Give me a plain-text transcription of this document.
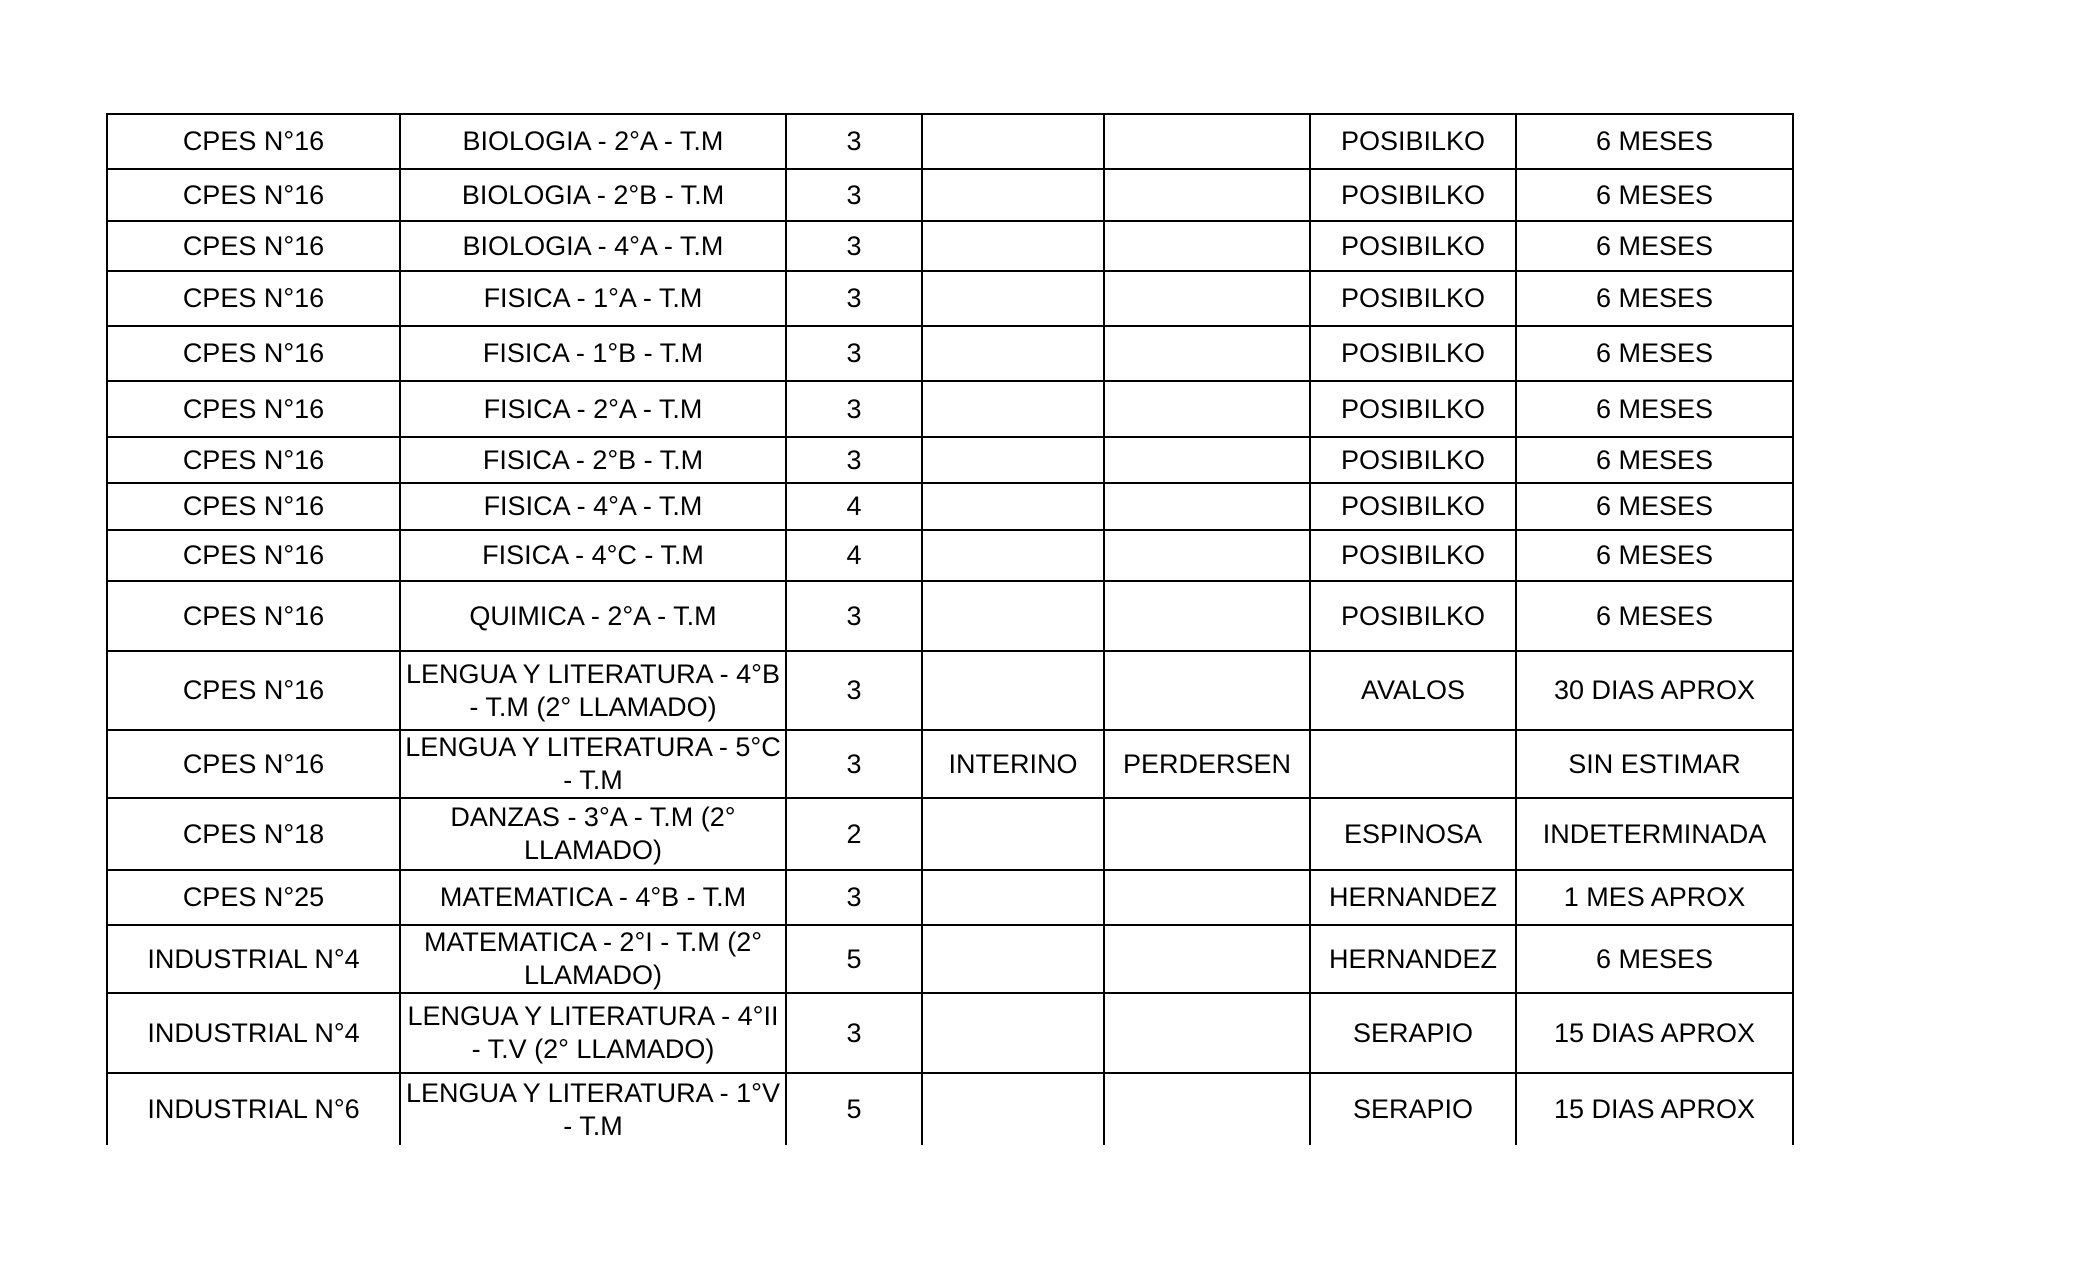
CPES N°16	BIOLOGIA - 2°A - T.M	3			POSIBILKO	6 MESES
CPES N°16	BIOLOGIA - 2°B - T.M	3			POSIBILKO	6 MESES
CPES N°16	BIOLOGIA - 4°A - T.M	3			POSIBILKO	6 MESES
CPES N°16	FISICA - 1°A - T.M	3			POSIBILKO	6 MESES
CPES N°16	FISICA - 1°B - T.M	3			POSIBILKO	6 MESES
CPES N°16	FISICA - 2°A - T.M	3			POSIBILKO	6 MESES
CPES N°16	FISICA - 2°B - T.M	3			POSIBILKO	6 MESES
CPES N°16	FISICA - 4°A - T.M	4			POSIBILKO	6 MESES
CPES N°16	FISICA - 4°C - T.M	4			POSIBILKO	6 MESES
CPES N°16	QUIMICA - 2°A - T.M	3			POSIBILKO	6 MESES
CPES N°16	LENGUA Y LITERATURA - 4°B - T.M (2° LLAMADO)	3			AVALOS	30 DIAS APROX
CPES N°16	LENGUA Y LITERATURA - 5°C - T.M	3	INTERINO	PERDERSEN		SIN ESTIMAR
CPES N°18	DANZAS - 3°A - T.M (2° LLAMADO)	2			ESPINOSA	INDETERMINADA
CPES N°25	MATEMATICA - 4°B - T.M	3			HERNANDEZ	1 MES APROX
INDUSTRIAL N°4	MATEMATICA - 2°I - T.M (2° LLAMADO)	5			HERNANDEZ	6 MESES
INDUSTRIAL N°4	LENGUA Y LITERATURA - 4°II - T.V (2° LLAMADO)	3			SERAPIO	15 DIAS APROX
INDUSTRIAL N°6	LENGUA Y LITERATURA - 1°V - T.M	5			SERAPIO	15 DIAS APROX
